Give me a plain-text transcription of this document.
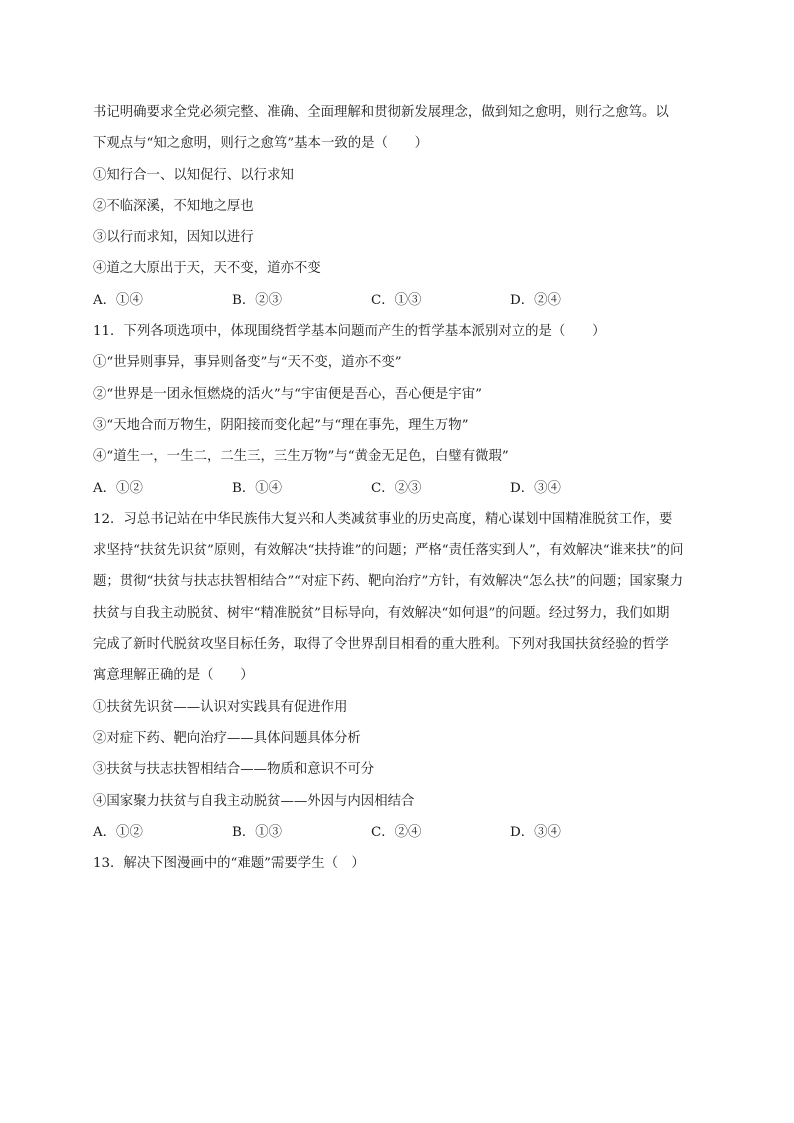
书记明确要求全党必须完整、准确、全面理解和贯彻新发展理念，做到知之愈明，则行之愈笃。以
下观点与“知之愈明，则行之愈笃”基本一致的是（　　）
①知行合一、以知促行、以行求知
②不临深溪，不知地之厚也
③以行而求知，因知以进行
④道之大原出于天，天不变，道亦不变
A．①④	B．②③	C．①③	D．②④
11．下列各项选项中，体现围绕哲学基本问题而产生的哲学基本派别对立的是（　　）
①“世异则事异，事异则备变”与“天不变，道亦不变”
②“世界是一团永恒燃烧的活火”与“宇宙便是吾心，吾心便是宇宙”
③“天地合而万物生，阴阳接而变化起”与“理在事先，理生万物”
④“道生一，一生二，二生三，三生万物”与“黄金无足色，白璧有微瑕”
A．①②	B．①④	C．②③	D．③④
12．习总书记站在中华民族伟大复兴和人类减贫事业的历史高度，精心谋划中国精准脱贫工作，要
求坚持“扶贫先识贫”原则，有效解决“扶持谁”的问题；严格“责任落实到人”，有效解决“谁来扶”的问
题；贯彻“扶贫与扶志扶智相结合”“对症下药、靶向治疗”方针，有效解决“怎么扶”的问题；国家聚力
扶贫与自我主动脱贫、树牢“精准脱贫”目标导向，有效解决“如何退”的问题。经过努力，我们如期
完成了新时代脱贫攻坚目标任务，取得了令世界刮目相看的重大胜利。下列对我国扶贫经验的哲学
寓意理解正确的是（　　）
①扶贫先识贫——认识对实践具有促进作用
②对症下药、靶向治疗——具体问题具体分析
③扶贫与扶志扶智相结合——物质和意识不可分
④国家聚力扶贫与自我主动脱贫——外因与内因相结合
A．①②	B．①③	C．②④	D．③④
13．解决下图漫画中的“难题”需要学生（　）
